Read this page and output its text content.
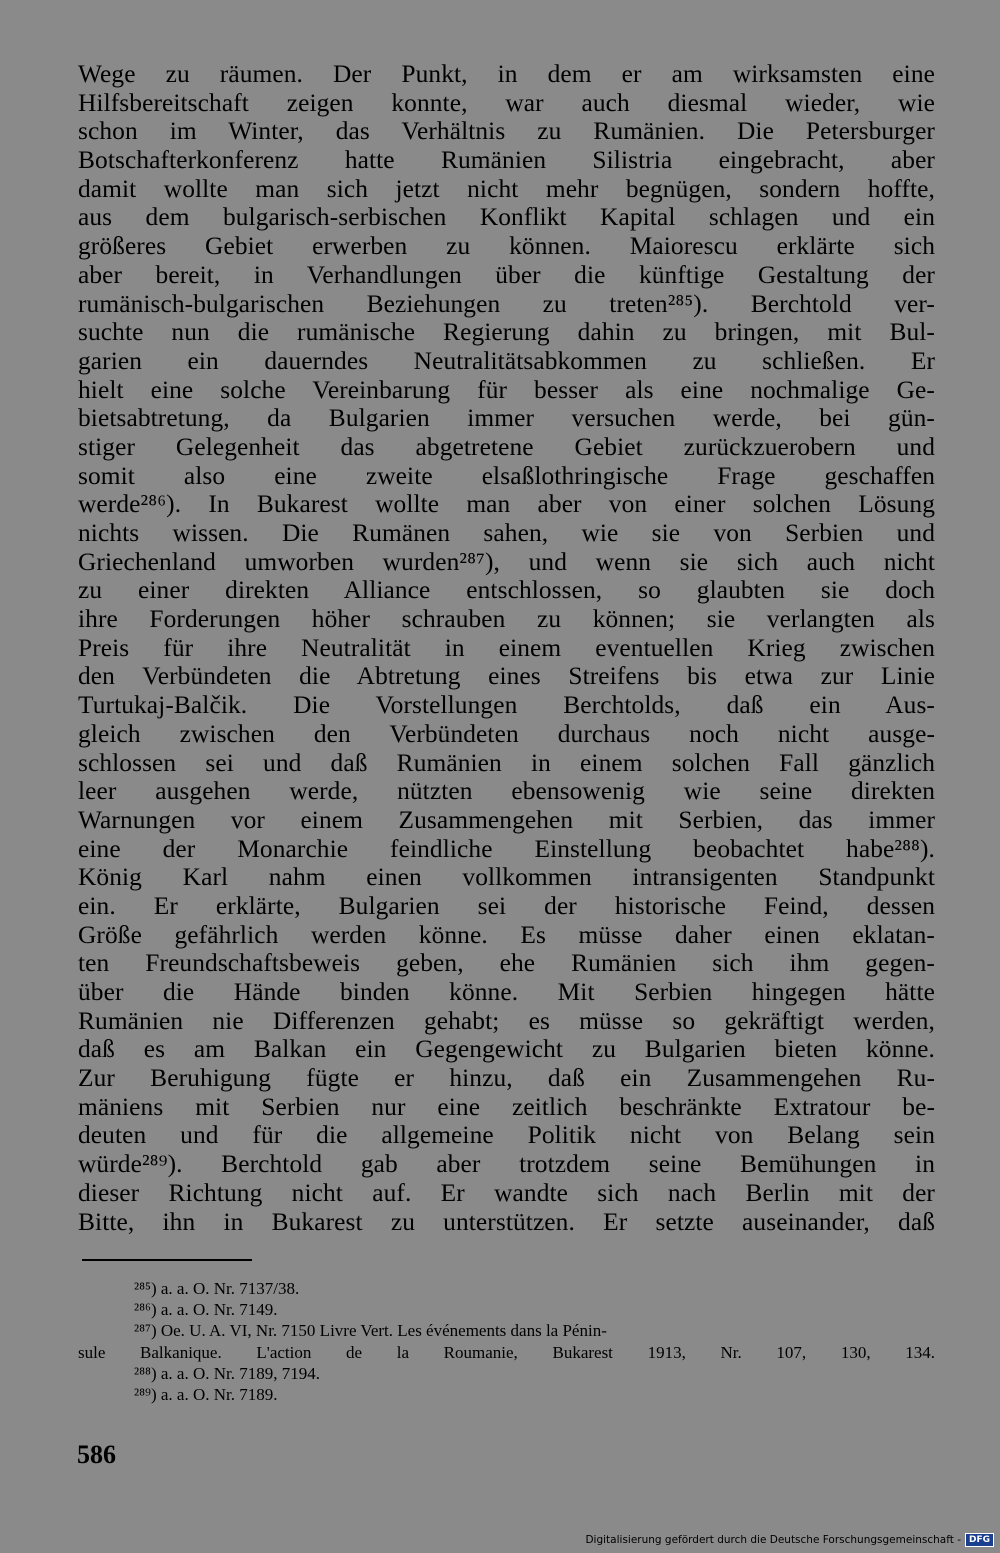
Wege zu räumen. Der Punkt, in dem er am wirksamsten eine
Hilfsbereitschaft zeigen konnte, war auch diesmal wieder, wie
schon im Winter, das Verhältnis zu Rumänien. Die Petersburger
Botschafterkonferenz hatte Rumänien Silistria eingebracht, aber
damit wollte man sich jetzt nicht mehr begnügen, sondern hoffte,
aus dem bulgarisch-serbischen Konflikt Kapital schlagen und ein
größeres Gebiet erwerben zu können. Maiorescu erklärte sich
aber bereit, in Verhandlungen über die künftige Gestaltung der
rumänisch-bulgarischen Beziehungen zu treten²⁸⁵). Berchtold ver-
suchte nun die rumänische Regierung dahin zu bringen, mit Bul-
garien ein dauerndes Neutralitätsabkommen zu schließen. Er
hielt eine solche Vereinbarung für besser als eine nochmalige Ge-
bietsabtretung, da Bulgarien immer versuchen werde, bei gün-
stiger Gelegenheit das abgetretene Gebiet zurückzuerobern und
somit also eine zweite elsaßlothringische Frage geschaffen
werde²⁸⁶). In Bukarest wollte man aber von einer solchen Lösung
nichts wissen. Die Rumänen sahen, wie sie von Serbien und
Griechenland umworben wurden²⁸⁷), und wenn sie sich auch nicht
zu einer direkten Alliance entschlossen, so glaubten sie doch
ihre Forderungen höher schrauben zu können; sie verlangten als
Preis für ihre Neutralität in einem eventuellen Krieg zwischen
den Verbündeten die Abtretung eines Streifens bis etwa zur Linie
Turtukaj-Balčik. Die Vorstellungen Berchtolds, daß ein Aus-
gleich zwischen den Verbündeten durchaus noch nicht ausge-
schlossen sei und daß Rumänien in einem solchen Fall gänzlich
leer ausgehen werde, nützten ebensowenig wie seine direkten
Warnungen vor einem Zusammengehen mit Serbien, das immer
eine der Monarchie feindliche Einstellung beobachtet habe²⁸⁸).
König Karl nahm einen vollkommen intransigenten Standpunkt
ein. Er erklärte, Bulgarien sei der historische Feind, dessen
Größe gefährlich werden könne. Es müsse daher einen eklatan-
ten Freundschaftsbeweis geben, ehe Rumänien sich ihm gegen-
über die Hände binden könne. Mit Serbien hingegen hätte
Rumänien nie Differenzen gehabt; es müsse so gekräftigt werden,
daß es am Balkan ein Gegengewicht zu Bulgarien bieten könne.
Zur Beruhigung fügte er hinzu, daß ein Zusammengehen Ru-
mäniens mit Serbien nur eine zeitlich beschränkte Extratour be-
deuten und für die allgemeine Politik nicht von Belang sein
würde²⁸⁹). Berchtold gab aber trotzdem seine Bemühungen in
dieser Richtung nicht auf. Er wandte sich nach Berlin mit der
Bitte, ihn in Bukarest zu unterstützen. Er setzte auseinander, daß
²⁸⁵) a. a. O. Nr. 7137/38.
²⁸⁶) a. a. O. Nr. 7149.
²⁸⁷) Oe. U. A. VI, Nr. 7150 Livre Vert. Les événements dans la Pénin-
sule Balkanique. L'action de la Roumanie, Bukarest 1913, Nr. 107, 130, 134.
²⁸⁸) a. a. O. Nr. 7189, 7194.
²⁸⁹) a. a. O. Nr. 7189.
586
Digitalisierung gefördert durch die Deutsche Forschungsgemeinschaft - DFG
